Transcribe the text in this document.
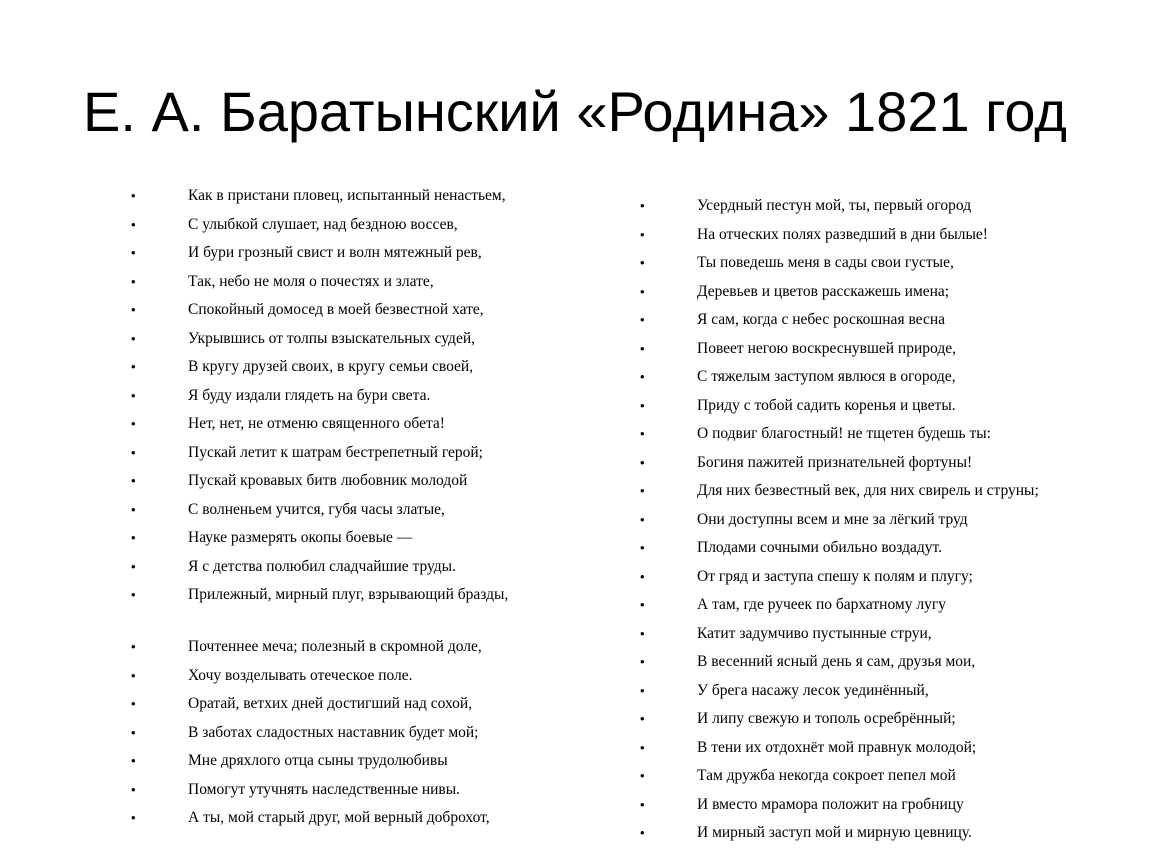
Е. А. Баратынский «Родина» 1821 год
•	Как в пристани пловец, испытанный ненастьем,
•	С улыбкой слушает, над бездною воссев,
•	И бури грозный свист и волн мятежный рев,
•	Так, небо не моля о почестях и злате,
•	Спокойный домосед в моей безвестной хате,
•	Укрывшись от толпы взыскательных судей,
•	В кругу друзей своих, в кругу семьи своей,
•	Я буду издали глядеть на бури света.
•	Нет, нет, не отменю священного обета!
•	Пускай летит к шатрам бестрепетный герой;
•	Пускай кровавых битв любовник молодой
•	С волненьем учится, губя часы златые,
•	Науке размерять окопы боевые —
•	Я с детства полюбил сладчайшие труды.
•	Прилежный, мирный плуг, взрывающий бразды,
•	Почтеннее меча; полезный в скромной доле,
•	Хочу возделывать отеческое поле.
•	Оратай, ветхих дней достигший над сохой,
•	В заботах сладостных наставник будет мой;
•	Мне дряхлого отца сыны трудолюбивы
•	Помогут утучнять наследственные нивы.
•	А ты, мой старый друг, мой верный доброхот,
•	Усердный пестун мой, ты, первый огород
•	На отческих полях разведший в дни былые!
•	Ты поведешь меня в сады свои густые,
•	Деревьев и цветов расскажешь имена;
•	Я сам, когда с небес роскошная весна
•	Повеет негою воскреснувшей природе,
•	С тяжелым заступом явлюся в огороде,
•	Приду с тобой садить коренья и цветы.
•	О подвиг благостный! не тщетен будешь ты:
•	Богиня пажитей признательней фортуны!
•	Для них безвестный век, для них свирель и струны;
•	Они доступны всем и мне за лёгкий труд
•	Плодами сочными обильно воздадут.
•	От гряд и заступа спешу к полям и плугу;
•	А там, где ручеек по бархатному лугу
•	Катит задумчиво пустынные струи,
•	В весенний ясный день я сам, друзья мои,
•	У брега насажу лесок уединённый,
•	И липу свежую и тополь осребрённый;
•	В тени их отдохнёт мой правнук молодой;
•	Там дружба некогда сокроет пепел мой
•	И вместо мрамора положит на гробницу
•	И мирный заступ мой и мирную цевницу.
